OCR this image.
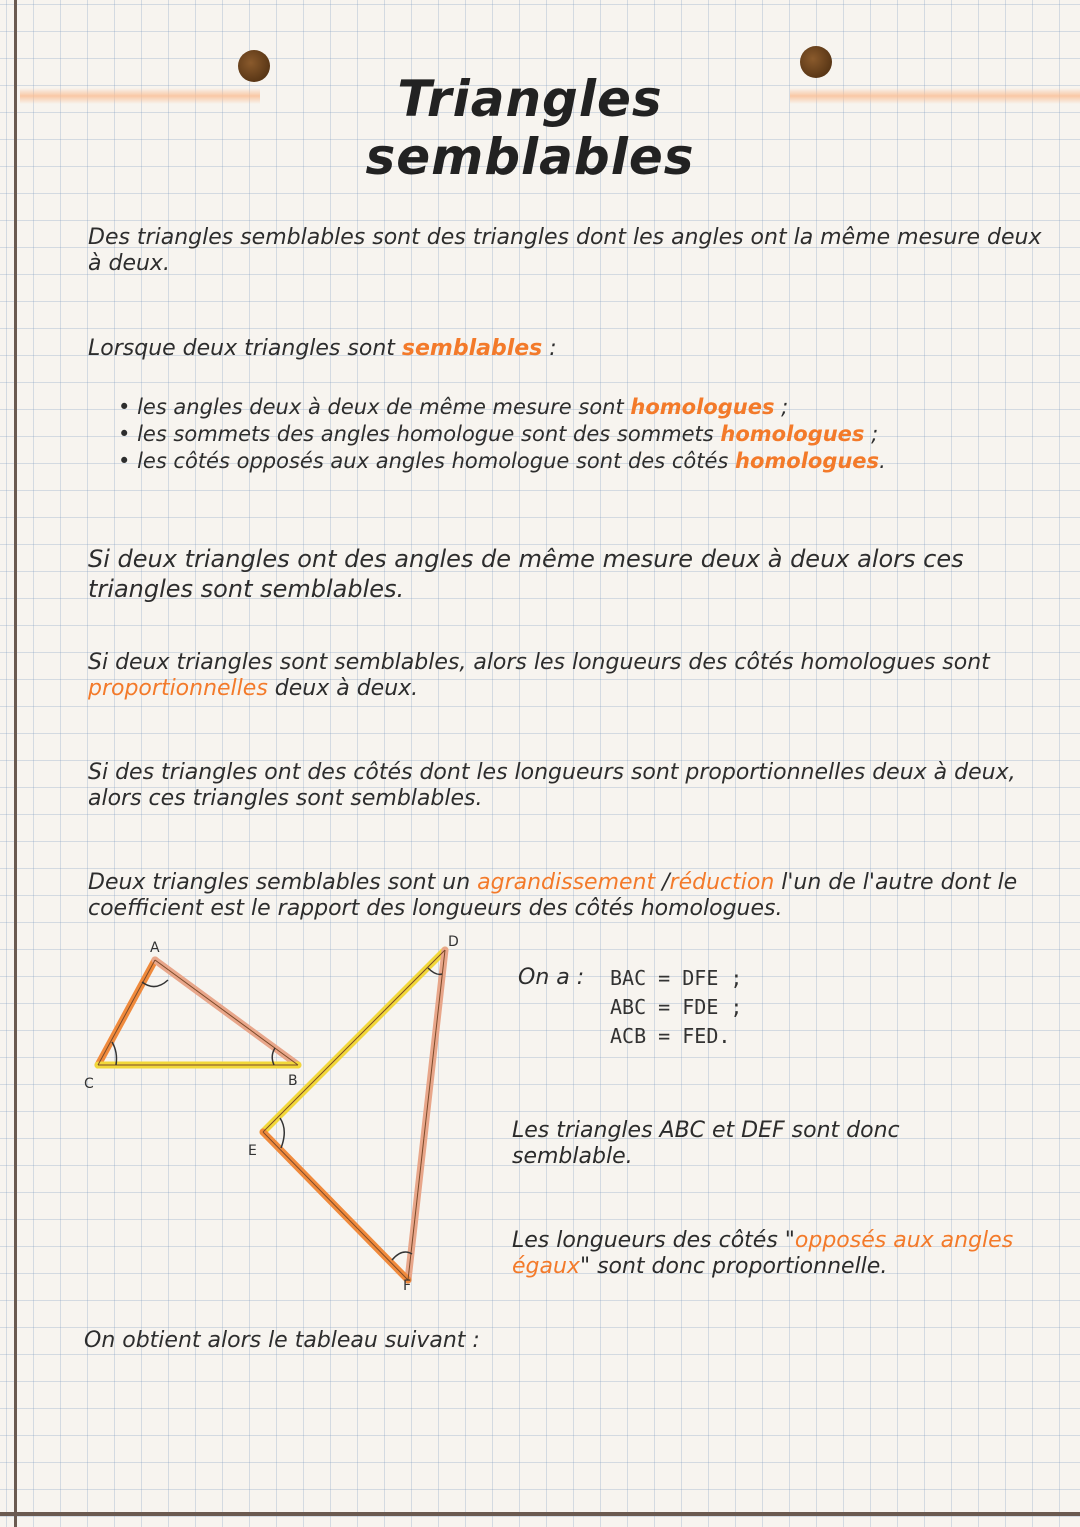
Triangles semblables
Des triangles semblables sont des triangles dont les angles ont la même mesure deux à deux.
Lorsque deux triangles sont semblables :
• les angles deux à deux de même mesure sont homologues ;
• les sommets des angles homologue sont des sommets homologues ;
• les côtés opposés aux angles homologue sont des côtés homologues.
Si deux triangles ont des angles de même mesure deux à deux alors ces triangles sont semblables.
Si deux triangles sont semblables, alors les longueurs des côtés homologues sont proportionnelles deux à deux.
Si des triangles ont des côtés dont les longueurs sont proportionnelles deux à deux, alors ces triangles sont semblables.
Deux triangles semblables sont un agrandissement /réduction l'un de l'autre dont le coefficient est le rapport des longueurs des côtés homologues.
A
C	B
D
E
F
On a : BAC = DFE ;
ABC = FDE ;
ACB = FED.
Les triangles ABC et DEF sont donc semblable.
Les longueurs des côtés "opposés aux angles égaux" sont donc proportionnelle.
On obtient alors le tableau suivant :
